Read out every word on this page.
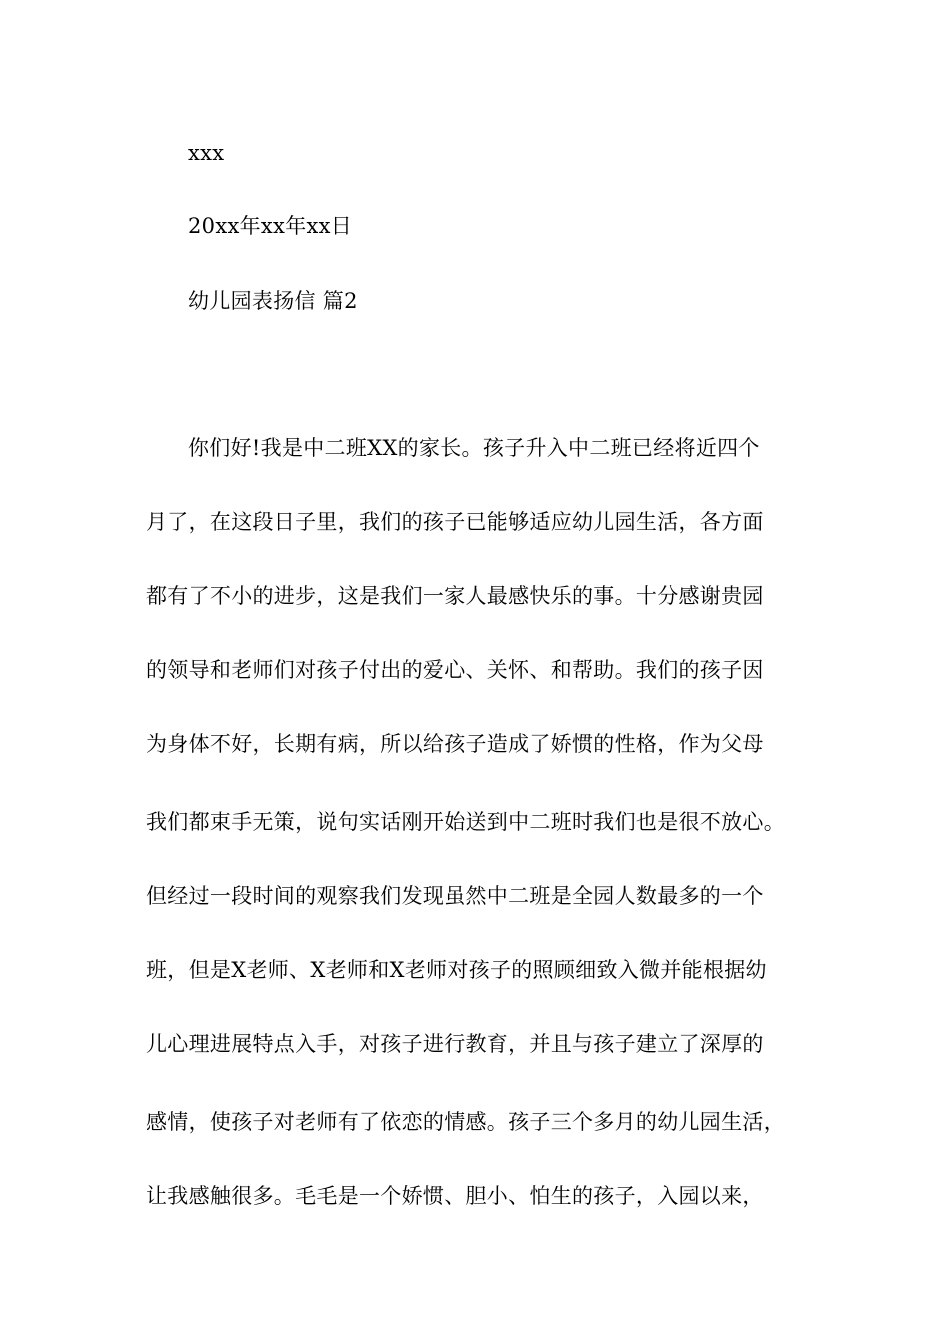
xxx
20xx年xx年xx日
幼儿园表扬信 篇2
你们好!我是中二班XX的家长。孩子升入中二班已经将近四个
月了，在这段日子里，我们的孩子已能够适应幼儿园生活，各方面
都有了不小的进步，这是我们一家人最感快乐的事。十分感谢贵园
的领导和老师们对孩子付出的爱心、关怀、和帮助。我们的孩子因
为身体不好，长期有病，所以给孩子造成了娇惯的性格，作为父母
我们都束手无策，说句实话刚开始送到中二班时我们也是很不放心。
但经过一段时间的观察我们发现虽然中二班是全园人数最多的一个
班，但是X老师、X老师和X老师对孩子的照顾细致入微并能根据幼
儿心理进展特点入手，对孩子进行教育，并且与孩子建立了深厚的
感情，使孩子对老师有了依恋的情感。孩子三个多月的幼儿园生活，
让我感触很多。毛毛是一个娇惯、胆小、怕生的孩子，入园以来，
